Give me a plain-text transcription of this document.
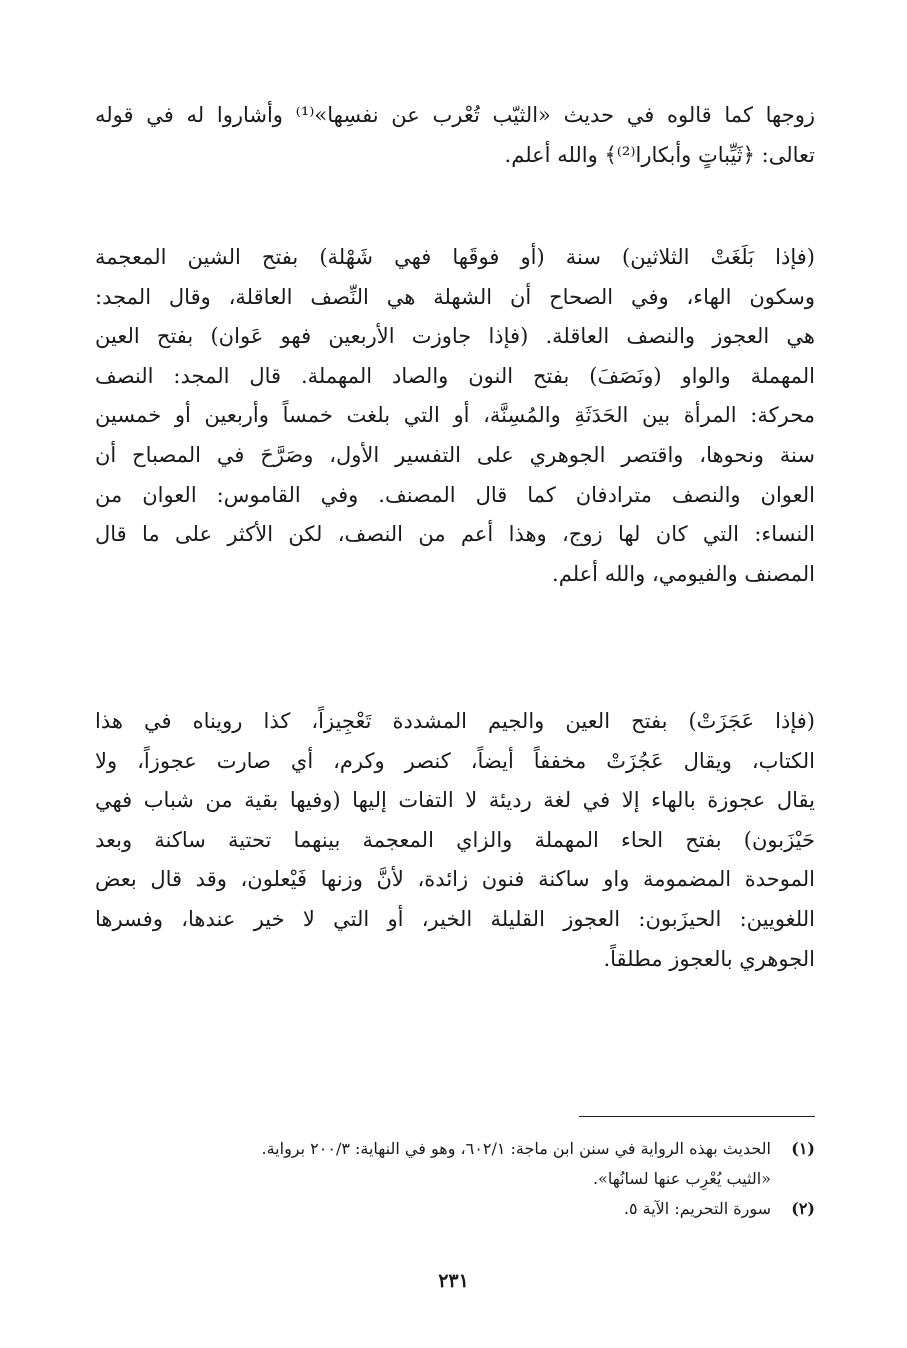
زوجها كما قالوه في حديث «الثيّب تُعْرب عن نفسِها»⁽¹⁾ وأشاروا له في قوله
تعالى: ﴿ثَيِّباتٍ وأبكارا⁽²⁾﴾ والله أعلم.
(فإذا بَلَغَتْ الثلاثين) سنة (أو فوقَها فهي شَهْلة) بفتح الشين المعجمة
وسكون الهاء، وفي الصحاح أن الشهلة هي النِّصف العاقلة، وقال المجد:
هي العجوز والنصف العاقلة. (فإذا جاوزت الأربعين فهو عَوان) بفتح العين
المهملة والواو (ونَصَفَ) بفتح النون والصاد المهملة. قال المجد: النصف
محركة: المرأة بين الحَدَثَةِ والمُسِنَّة، أو التي بلغت خمساً وأربعين أو خمسين
سنة ونحوها، واقتصر الجوهري على التفسير الأول، وصَرَّحَ في المصباح أن
العوان والنصف مترادفان كما قال المصنف. وفي القاموس: العوان من
النساء: التي كان لها زوج، وهذا أعم من النصف، لكن الأكثر على ما قال
المصنف والفيومي، والله أعلم.
(فإذا عَجَزَتْ) بفتح العين والجيم المشددة تَعْجِيزاً، كذا رويناه في هذا
الكتاب، ويقال عَجُزَتْ مخففاً أيضاً، كنصر وكرم، أي صارت عجوزاً، ولا
يقال عجوزة بالهاء إلا في لغة رديئة لا التفات إليها (وفيها بقية من شباب فهي
حَيْزَبون) بفتح الحاء المهملة والزاي المعجمة بينهما تحتية ساكنة وبعد
الموحدة المضمومة واو ساكنة فنون زائدة، لأنَّ وزنها فَيْعلون، وقد قال بعض
اللغويين: الحيزَبون: العجوز القليلة الخير، أو التي لا خير عندها، وفسرها
الجوهري بالعجوز مطلقاً.
(١)
الحديث بهذه الرواية في سنن ابن ماجة: ٦٠٢/١، وهو في النهاية: ٢٠٠/٣ برواية.
«الثيب يُعْرِب عنها لسانُها».
(٢)
سورة التحريم: الآية ٥.
٢٣١
